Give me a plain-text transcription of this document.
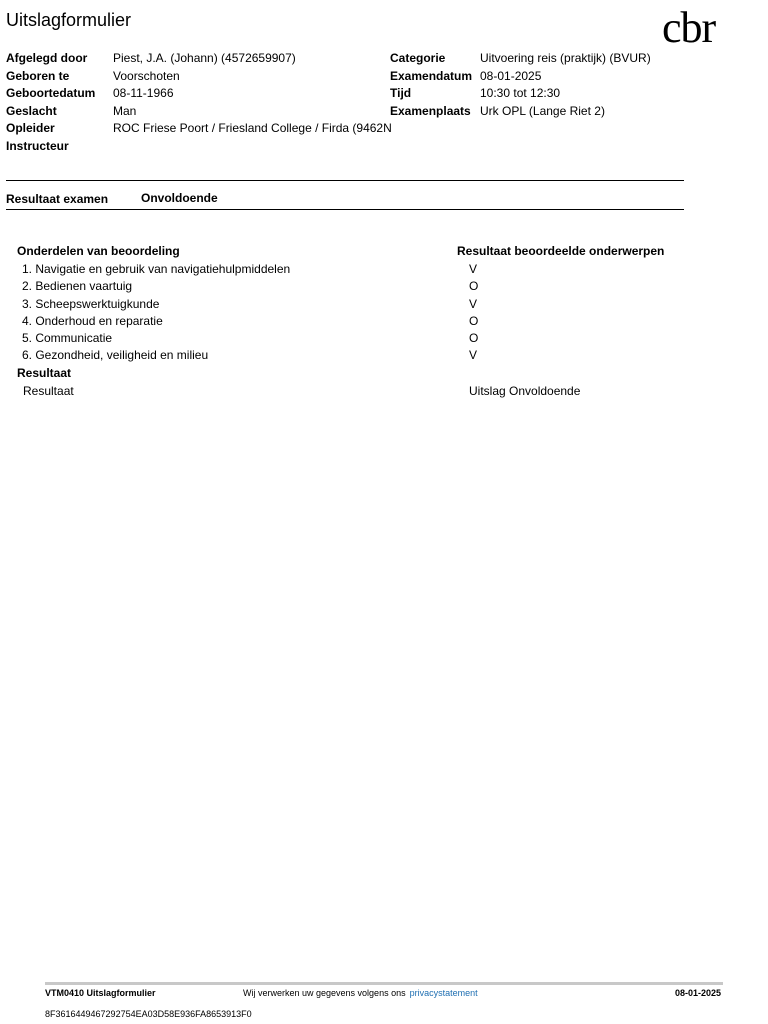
Uitslagformulier	cbr
Afgelegd door Piest, J.A. (Johann) (4572659907)
Geboren te	Voorschoten
Geboortedatum 08-11-1966
Geslacht	Man
Opleider	ROC Friese Poort / Friesland College / Firda (9462N
Instructeur
Categorie	Uitvoering reis (praktijk) (BVUR)
Examendatum 08-01-2025
Tijd	10:30 tot 12:30
Examenplaats Urk OPL (Lange Riet 2)
Resultaat examen	Onvoldoende
Onderdelen van beoordeling	Resultaat beoordeelde onderwerpen
1. Navigatie en gebruik van navigatiehulpmiddelen	V
2. Bedienen vaartuig	O
3. Scheepswerktuigkunde	V
4. Onderhoud en reparatie	O
5. Communicatie	O
6. Gezondheid, veiligheid en milieu	V
Resultaat
Resultaat	Uitslag Onvoldoende
VTM0410 Uitslagformulier	Wij verwerken uw gegevens volgens ons privacystatement	08-01-2025
8F3616449467292754EA03D58E936FA8653913F0
